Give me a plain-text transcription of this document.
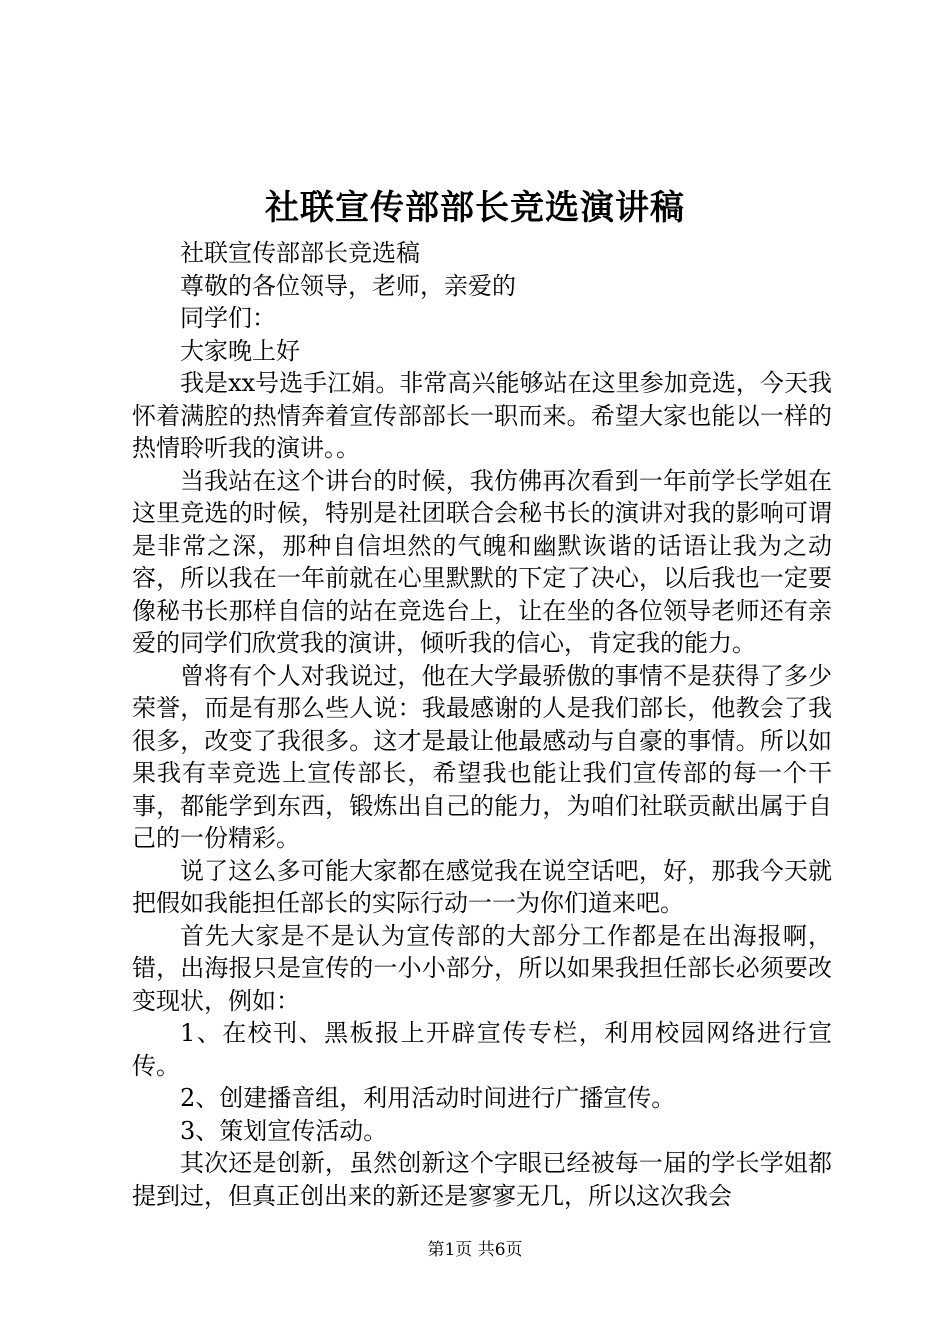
社联宣传部部长竞选演讲稿

社联宣传部部长竞选稿

尊敬的各位领导，老师，亲爱的

同学们：

大家晚上好

我是xx号选手江娟。非常高兴能够站在这里参加竞选，今天我怀着满腔的热情奔着宣传部部长一职而来。希望大家也能以一样的热情聆听我的演讲。。

当我站在这个讲台的时候，我仿佛再次看到一年前学长学姐在这里竞选的时候，特别是社团联合会秘书长的演讲对我的影响可谓是非常之深，那种自信坦然的气魄和幽默诙谐的话语让我为之动容，所以我在一年前就在心里默默的下定了决心，以后我也一定要像秘书长那样自信的站在竞选台上，让在坐的各位领导老师还有亲爱的同学们欣赏我的演讲，倾听我的信心，肯定我的能力。

曾将有个人对我说过，他在大学最骄傲的事情不是获得了多少荣誉，而是有那么些人说：我最感谢的人是我们部长，他教会了我很多，改变了我很多。这才是最让他最感动与自豪的事情。所以如果我有幸竞选上宣传部长，希望我也能让我们宣传部的每一个干事，都能学到东西，锻炼出自己的能力，为咱们社联贡献出属于自己的一份精彩。

说了这么多可能大家都在感觉我在说空话吧，好，那我今天就把假如我能担任部长的实际行动一一为你们道来吧。

首先大家是不是认为宣传部的大部分工作都是在出海报啊，错，出海报只是宣传的一小小部分，所以如果我担任部长必须要改变现状，例如：

1、在校刊、黑板报上开辟宣传专栏，利用校园网络进行宣传。

2、创建播音组，利用活动时间进行广播宣传。

3、策划宣传活动。

其次还是创新，虽然创新这个字眼已经被每一届的学长学姐都提到过，但真正创出来的新还是寥寥无几，所以这次我会

第1页 共6页
